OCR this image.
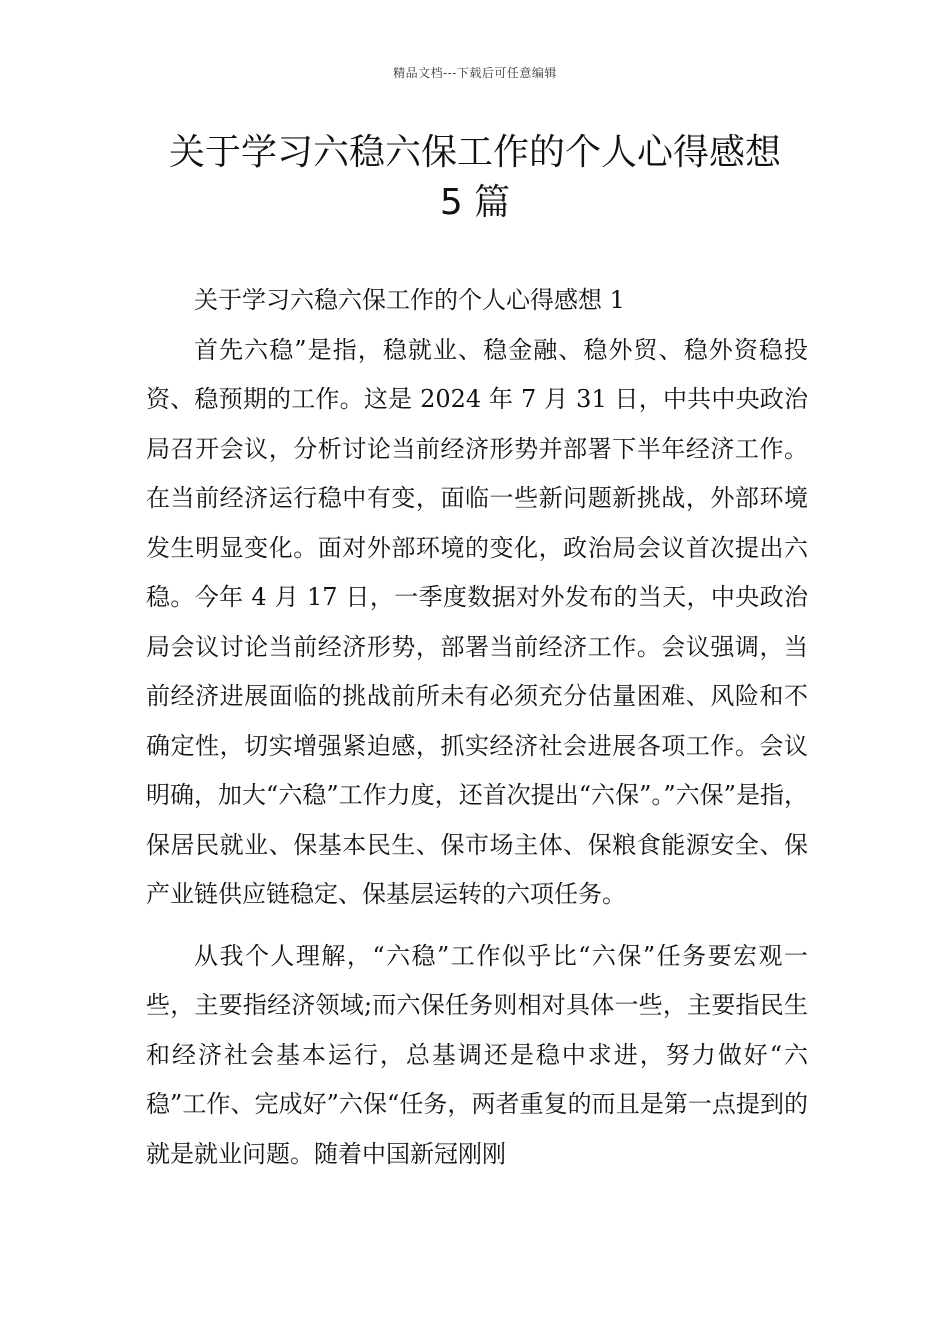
精品文档---下载后可任意编辑
关于学习六稳六保工作的个人心得感想
5 篇

关于学习六稳六保工作的个人心得感想 1

首先六稳”是指，稳就业、稳金融、稳外贸、稳外资稳投资、稳预期的工作。这是 2024 年 7 月 31 日，中共中央政治局召开会议，分析讨论当前经济形势并部署下半年经济工作。在当前经济运行稳中有变，面临一些新问题新挑战，外部环境发生明显变化。面对外部环境的变化，政治局会议首次提出六稳。今年 4 月 17 日，一季度数据对外发布的当天，中央政治局会议讨论当前经济形势，部署当前经济工作。会议强调，当前经济进展面临的挑战前所未有必须充分估量困难、风险和不确定性，切实增强紧迫感，抓实经济社会进展各项工作。会议明确，加大“六稳”工作力度，还首次提出“六保”。”六保”是指，保居民就业、保基本民生、保市场主体、保粮食能源安全、保产业链供应链稳定、保基层运转的六项任务。

从我个人理解，“六稳”工作似乎比“六保”任务要宏观一些，主要指经济领域;而六保任务则相对具体一些，主要指民生和经济社会基本运行，总基调还是稳中求进，努力做好“六稳”工作、完成好”六保“任务，两者重复的而且是第一点提到的就是就业问题。随着中国新冠刚刚
